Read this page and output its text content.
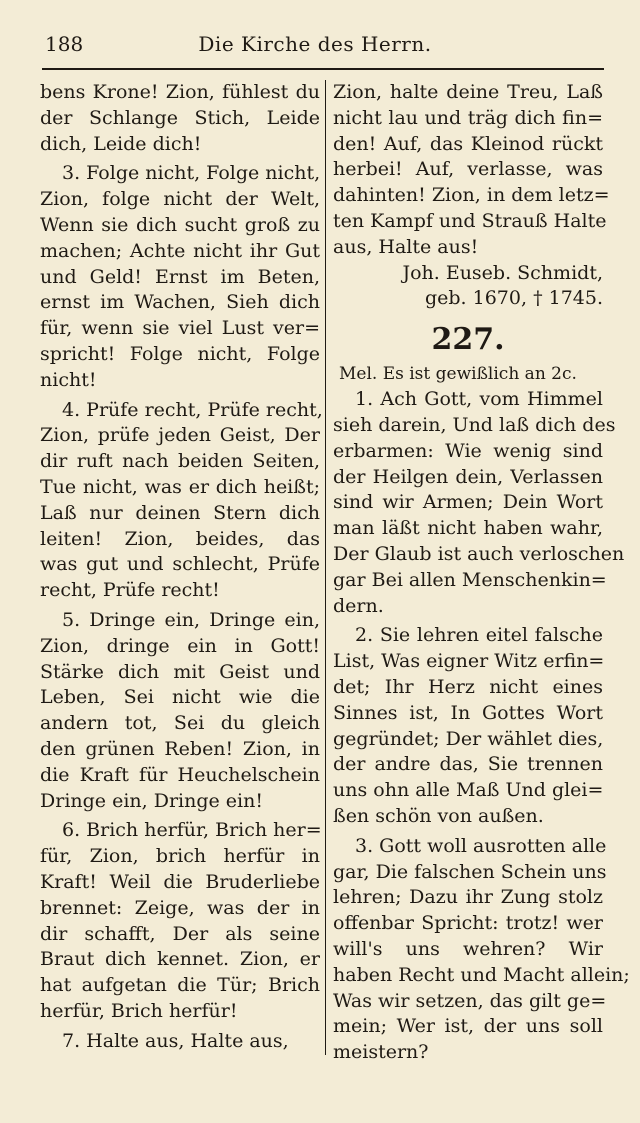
188	Die Kirche des Herrn.
bens Krone! Zion, fühlest du
der Schlange Stich, Leide
dich, Leide dich!
3. Folge nicht, Folge nicht,
Zion, folge nicht der Welt,
Wenn sie dich sucht groß zu
machen; Achte nicht ihr Gut
und Geld! Ernst im Beten,
ernst im Wachen, Sieh dich
für, wenn sie viel Lust ver=
spricht! Folge nicht, Folge
nicht!
4. Prüfe recht, Prüfe recht,
Zion, prüfe jeden Geist, Der
dir ruft nach beiden Seiten,
Tue nicht, was er dich heißt;
Laß nur deinen Stern dich
leiten! Zion, beides, das
was gut und schlecht, Prüfe
recht, Prüfe recht!
5. Dringe ein, Dringe ein,
Zion, dringe ein in Gott!
Stärke dich mit Geist und
Leben, Sei nicht wie die
andern tot, Sei du gleich
den grünen Reben! Zion, in
die Kraft für Heuchelschein
Dringe ein, Dringe ein!
6. Brich herfür, Brich her=
für, Zion, brich herfür in
Kraft! Weil die Bruderliebe
brennet: Zeige, was der in
dir schafft, Der als seine
Braut dich kennet. Zion, er
hat aufgetan die Tür; Brich
herfür, Brich herfür!
7. Halte aus, Halte aus,
Zion, halte deine Treu, Laß
nicht lau und träg dich fin=
den! Auf, das Kleinod rückt
herbei! Auf, verlasse, was
dahinten! Zion, in dem letz=
ten Kampf und Strauß Halte
aus, Halte aus!
Joh. Euseb. Schmidt,
geb. 1670, † 1745.
227.
Mel. Es ist gewißlich an 2c.
1. Ach Gott, vom Himmel
sieh darein, Und laß dich des
erbarmen: Wie wenig sind
der Heilgen dein, Verlassen
sind wir Armen; Dein Wort
man läßt nicht haben wahr,
Der Glaub ist auch verloschen
gar Bei allen Menschenkin=
dern.
2. Sie lehren eitel falsche
List, Was eigner Witz erfin=
det; Ihr Herz nicht eines
Sinnes ist, In Gottes Wort
gegründet; Der wählet dies,
der andre das, Sie trennen
uns ohn alle Maß Und glei=
ßen schön von außen.
3. Gott woll ausrotten alle
gar, Die falschen Schein uns
lehren; Dazu ihr Zung stolz
offenbar Spricht: trotz! wer
will's uns wehren? Wir
haben Recht und Macht allein;
Was wir setzen, das gilt ge=
mein; Wer ist, der uns soll
meistern?
